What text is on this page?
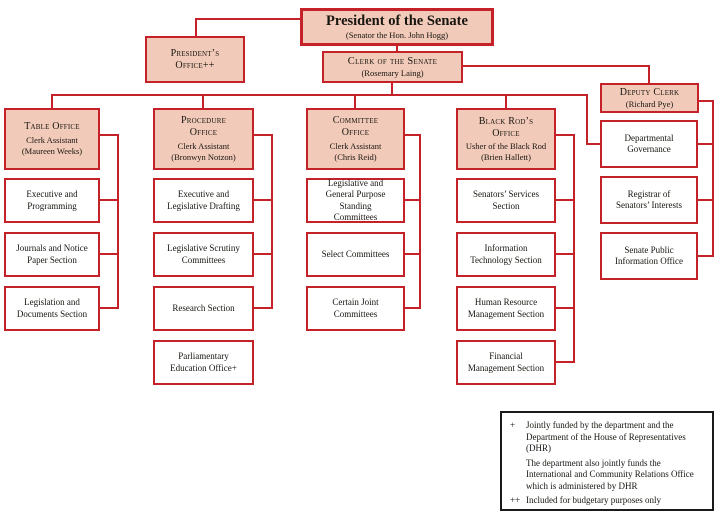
President of the Senate
(Senator the Hon. John Hogg)
President’s Office++	Clerk of the Senate
(Rosemary Laing)
Deputy Clerk
(Richard Pye)
Table Office
Clerk Assistant
(Maureen Weeks)
Executive and Programming
Journals and Notice Paper Section
Legislation and Documents Section
Procedure Office
Clerk Assistant
(Bronwyn Notzon)
Executive and Legislative Drafting
Legislative Scrutiny Committees
Research Section
Parliamentary Education Office+
Committee Office
Clerk Assistant
(Chris Reid)
Legislative and General Purpose Standing Committees
Select Committees
Certain Joint Committees
Black Rod’s Office
Usher of the Black Rod
(Brien Hallett)
Senators’ Services Section
Information Technology Section
Human Resource Management Section
Financial Management Section
Departmental Governance
Registrar of Senators’ Interests
Senate Public Information Office
+	Jointly funded by the department and the Department of the House of Representatives (DHR)
The department also jointly funds the International and Community Relations Office which is administered by DHR
++ Included for budgetary purposes only
